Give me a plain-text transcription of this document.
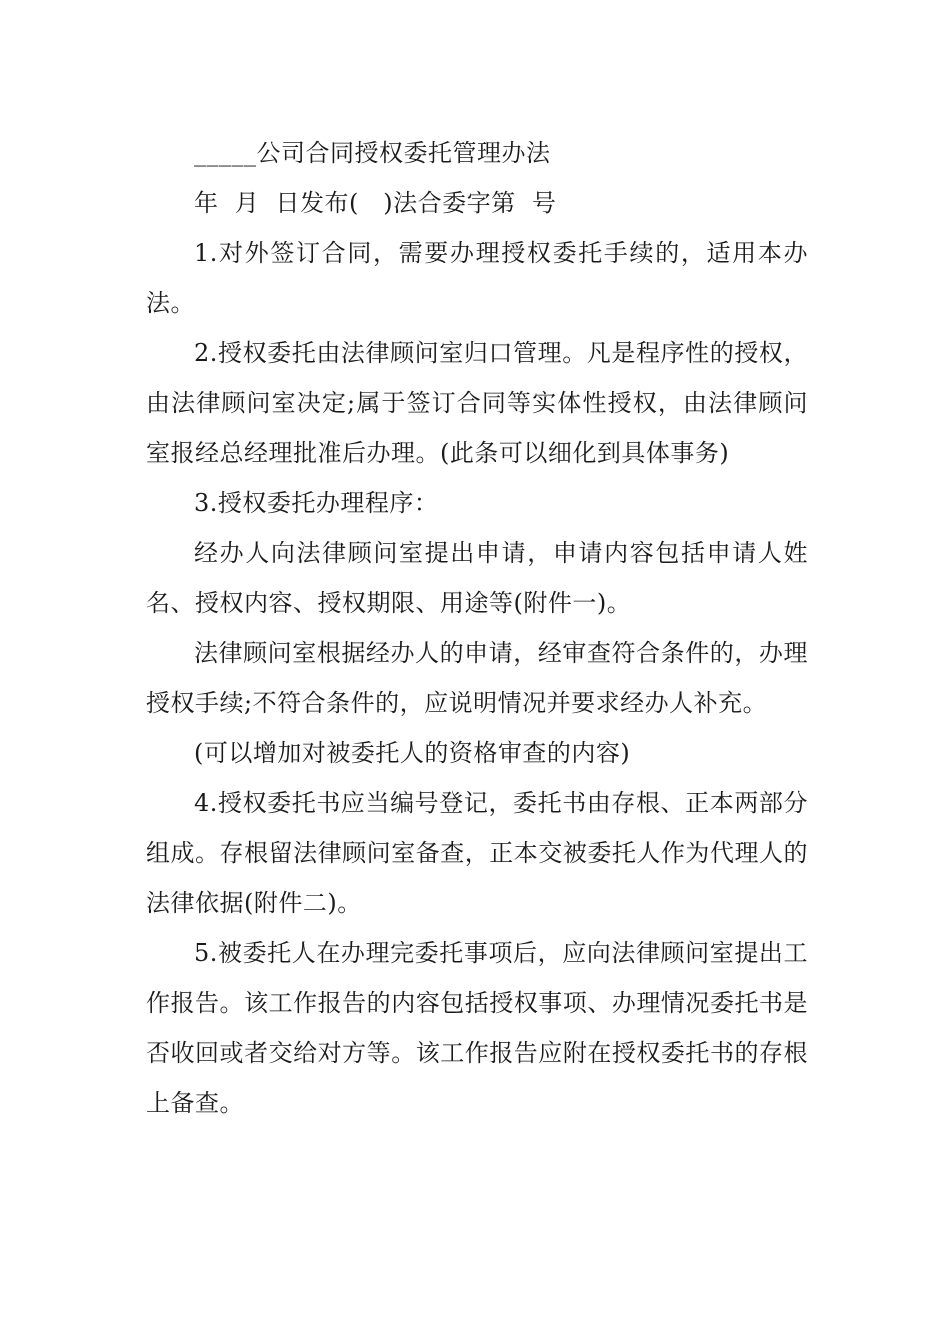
_____公司合同授权委托管理办法

年  月  日发布(   )法合委字第  号

1.对外签订合同，需要办理授权委托手续的，适用本办法。

2.授权委托由法律顾问室归口管理。凡是程序性的授权，由法律顾问室决定;属于签订合同等实体性授权，由法律顾问室报经总经理批准后办理。(此条可以细化到具体事务)

3.授权委托办理程序：

经办人向法律顾问室提出申请，申请内容包括申请人姓名、授权内容、授权期限、用途等(附件一)。

法律顾问室根据经办人的申请，经审查符合条件的，办理授权手续;不符合条件的，应说明情况并要求经办人补充。

(可以增加对被委托人的资格审查的内容)

4.授权委托书应当编号登记，委托书由存根、正本两部分组成。存根留法律顾问室备查，正本交被委托人作为代理人的法律依据(附件二)。

5.被委托人在办理完委托事项后，应向法律顾问室提出工作报告。该工作报告的内容包括授权事项、办理情况委托书是否收回或者交给对方等。该工作报告应附在授权委托书的存根上备查。
